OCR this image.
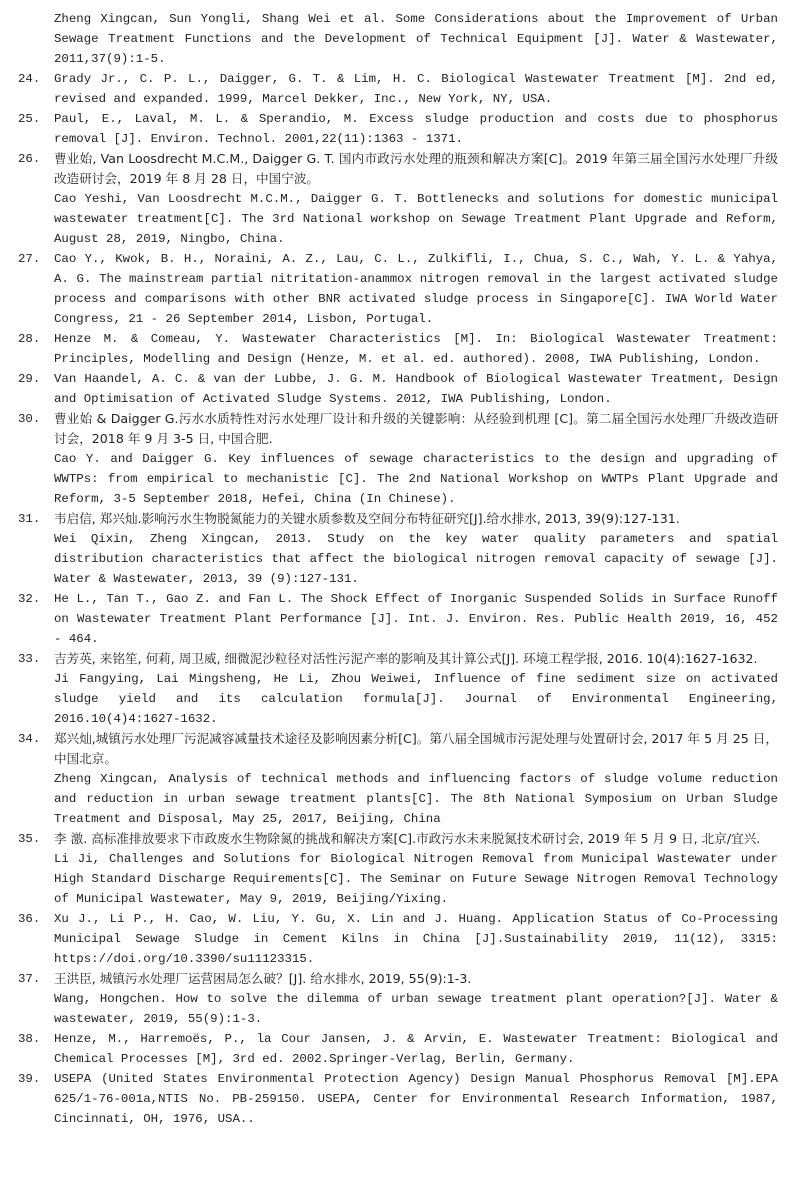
Zheng Xingcan, Sun Yongli, Shang Wei et al. Some Considerations about the Improvement of Urban Sewage Treatment Functions and the Development of Technical Equipment [J]. Water & Wastewater, 2011,37(9):1-5.
24.	Grady Jr., C. P. L., Daigger, G. T. & Lim, H. C. Biological Wastewater Treatment [M]. 2nd ed, revised and expanded. 1999, Marcel Dekker, Inc., New York, NY, USA.
25.	Paul, E., Laval, M. L. & Sperandio, M. Excess sludge production and costs due to phosphorus removal [J]. Environ. Technol. 2001,22(11):1363 - 1371.
26.	曹业始, Van Loosdrecht M.C.M., Daigger G. T. 国内市政污水处理的瓶颈和解决方案[C]。2019 年第三届全国污水处理厂升级改造研讨会，2019 年 8 月 28 日，中国宁波。
Cao Yeshi, Van Loosdrecht M.C.M., Daigger G. T. Bottlenecks and solutions for domestic municipal wastewater treatment[C]. The 3rd National workshop on Sewage Treatment Plant Upgrade and Reform, August 28, 2019, Ningbo, China.
27.	Cao Y., Kwok, B. H., Noraini, A. Z., Lau, C. L., Zulkifli, I., Chua, S. C., Wah, Y. L. & Yahya, A. G. The mainstream partial nitritation-anammox nitrogen removal in the largest activated sludge process and comparisons with other BNR activated sludge process in Singapore[C]. IWA World Water Congress, 21 - 26 September 2014, Lisbon, Portugal.
28.	Henze M. & Comeau, Y. Wastewater Characteristics [M]. In: Biological Wastewater Treatment: Principles, Modelling and Design (Henze, M. et al. ed. authored). 2008, IWA Publishing, London.
29.	Van Haandel, A. C. & van der Lubbe, J. G. M. Handbook of Biological Wastewater Treatment, Design and Optimisation of Activated Sludge Systems. 2012, IWA Publishing, London.
30.	曹业始 & Daigger G.污水水质特性对污水处理厂设计和升级的关键影响：从经验到机理 [C]。第二届全国污水处理厂升级改造研讨会，2018 年 9 月 3-5 日, 中国合肥.
Cao Y. and Daigger G. Key influences of sewage characteristics to the design and upgrading of WWTPs: from empirical to mechanistic [C]. The 2nd National Workshop on WWTPs Plant Upgrade and Reform, 3-5 September 2018, Hefei, China (In Chinese).
31.	韦启信, 郑兴灿.影响污水生物脱氮能力的关键水质参数及空间分布特征研究[J].给水排水, 2013, 39(9):127-131.
Wei Qixin, Zheng Xingcan, 2013. Study on the key water quality parameters and spatial distribution characteristics that affect the biological nitrogen removal capacity of sewage [J]. Water & Wastewater, 2013, 39 (9):127-131.
32.	He L., Tan T., Gao Z. and Fan L. The Shock Effect of Inorganic Suspended Solids in Surface Runoff on Wastewater Treatment Plant Performance [J]. Int. J. Environ. Res. Public Health 2019, 16, 452 - 464.
33.	吉芳英, 来铭笙, 何莉, 周卫威, 细微泥沙粒径对活性污泥产率的影响及其计算公式[J]. 环境工程学报, 2016. 10(4):1627-1632.
Ji Fangying, Lai Mingsheng, He Li, Zhou Weiwei, Influence of fine sediment size on activated sludge yield and its calculation formula[J]. Journal of Environmental Engineering, 2016.10(4)4:1627-1632.
34.	郑兴灿,城镇污水处理厂污泥减容减量技术途径及影响因素分析[C]。第八届全国城市污泥处理与处置研讨会, 2017 年 5 月 25 日，中国北京。
Zheng Xingcan, Analysis of technical methods and influencing factors of sludge volume reduction and reduction in urban sewage treatment plants[C]. The 8th National Symposium on Urban Sludge Treatment and Disposal, May 25, 2017, Beijing, China
35.	李 激. 高标准排放要求下市政废水生物除氮的挑战和解决方案[C].市政污水未来脱氮技术研讨会, 2019 年 5 月 9 日, 北京/宜兴.
Li Ji, Challenges and Solutions for Biological Nitrogen Removal from Municipal Wastewater under High Standard Discharge Requirements[C]. The Seminar on Future Sewage Nitrogen Removal Technology of Municipal Wastewater, May 9, 2019, Beijing/Yixing.
36.	Xu J., Li P., H. Cao, W. Liu, Y. Gu, X. Lin and J. Huang. Application Status of Co-Processing Municipal Sewage Sludge in Cement Kilns in China [J].Sustainability 2019, 11(12), 3315: https://doi.org/10.3390/su11123315.
37.	王洪臣, 城镇污水处理厂运营困局怎么破？[J]. 给水排水, 2019, 55(9):1-3.
Wang, Hongchen. How to solve the dilemma of urban sewage treatment plant operation?[J]. Water & wastewater, 2019, 55(9):1-3.
38.	Henze, M., Harremoës, P., la Cour Jansen, J. & Arvin, E. Wastewater Treatment: Biological and Chemical Processes [M], 3rd ed. 2002.Springer-Verlag, Berlin, Germany.
39.	USEPA (United States Environmental Protection Agency) Design Manual Phosphorus Removal [M].EPA 625/1-76-001a,NTIS No. PB-259150. USEPA, Center for Environmental Research Information, 1987, Cincinnati, OH, 1976, USA..
